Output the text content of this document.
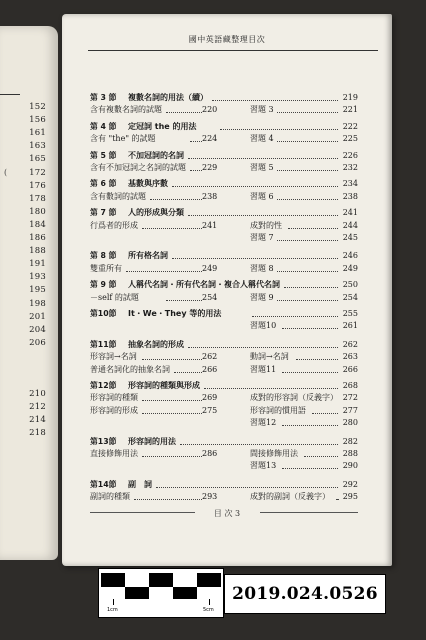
152
156
161
163
165
172
(
176
178
180
184
186
188
191
193
195
198
201
204
206
210
212
214
218
國中英語藏整理目次
第 3 節 複數名詞的用法（續）	219
含有複數名詞的試題	220	習題 3	221
第 4 節 定冠詞 the 的用法	222
含有 "the" 的試題	224	習題 4	225
第 5 節 不加冠詞的名詞	226
含有不加冠詞之名詞的試題 229	習題 5	232
第 6 節 基數與序數	234
含有數詞的試題	238	習題 6	238
第 7 節 人的形成與分類	241
行爲者的形成	241	成對的性	244
習題 7	245
第 8 節 所有格名詞	246
雙重所有	249	習題 8	249
第 9 節 人稱代名詞・所有代名詞・複合人稱代名詞	250
－self 的試題	254	習題 9	254
第10節 It・We・They 等的用法	255
習題10	261
第11節 抽象名詞的形成	262
形容詞→名詞	262	動詞→名詞	263
普通名詞化的抽象名詞	266	習題11	266
第12節 形容詞的種類與形成	268
形容詞的種類	269	成對的形容詞（反義字） 272
形容詞的形成	275	形容詞的慣用語	277
習題12	280
第13節 形容詞的用法	282
直接修飾用法	286	間接修飾用法	288
習題13	290
第14節 副　詞	292
副詞的種類	293	成對的副詞（反義字） 295
目 次 3
1cm	5cm
2019.024.0526
